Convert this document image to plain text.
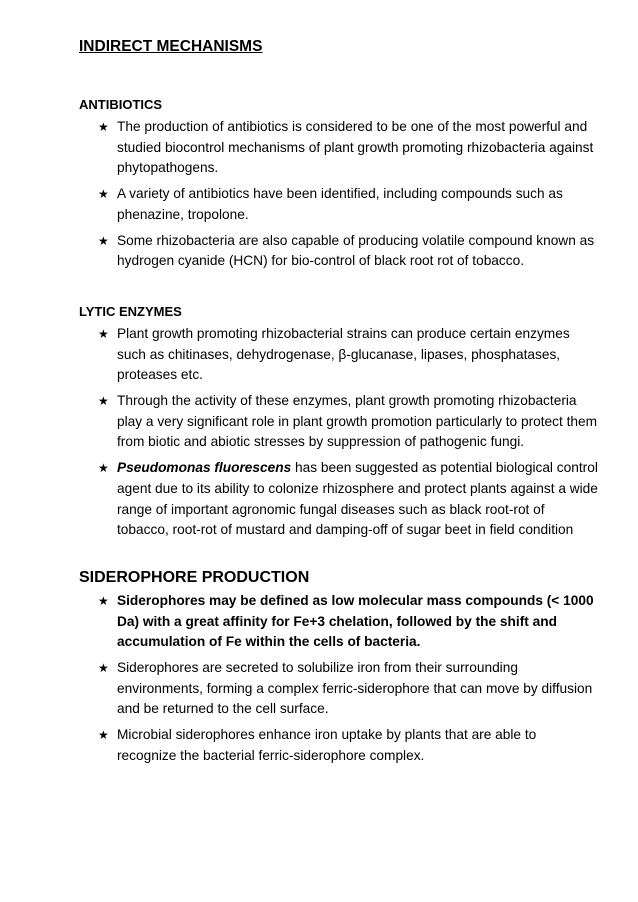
INDIRECT MECHANISMS
ANTIBIOTICS
★ The production of antibiotics is considered to be one of the most powerful and studied biocontrol mechanisms of plant growth promoting rhizobacteria against phytopathogens.
★ A variety of antibiotics have been identified, including compounds such as phenazine, tropolone.
★ Some rhizobacteria are also capable of producing volatile compound known as hydrogen cyanide (HCN) for bio-control of black root rot of tobacco.
LYTIC ENZYMES
★ Plant growth promoting rhizobacterial strains can produce certain enzymes such as chitinases, dehydrogenase, β-glucanase, lipases, phosphatases, proteases etc.
★ Through the activity of these enzymes, plant growth promoting rhizobacteria play a very significant role in plant growth promotion particularly to protect them from biotic and abiotic stresses by suppression of pathogenic fungi.
★ Pseudomonas fluorescens has been suggested as potential biological control agent due to its ability to colonize rhizosphere and protect plants against a wide range of important agronomic fungal diseases such as black root-rot of tobacco, root-rot of mustard and damping-off of sugar beet in field condition
SIDEROPHORE PRODUCTION
★ Siderophores may be defined as low molecular mass compounds (< 1000 Da) with a great affinity for Fe+3 chelation, followed by the shift and accumulation of Fe within the cells of bacteria.
★ Siderophores are secreted to solubilize iron from their surrounding environments, forming a complex ferric-siderophore that can move by diffusion and be returned to the cell surface.
★ Microbial siderophores enhance iron uptake by plants that are able to recognize the bacterial ferric-siderophore complex.
